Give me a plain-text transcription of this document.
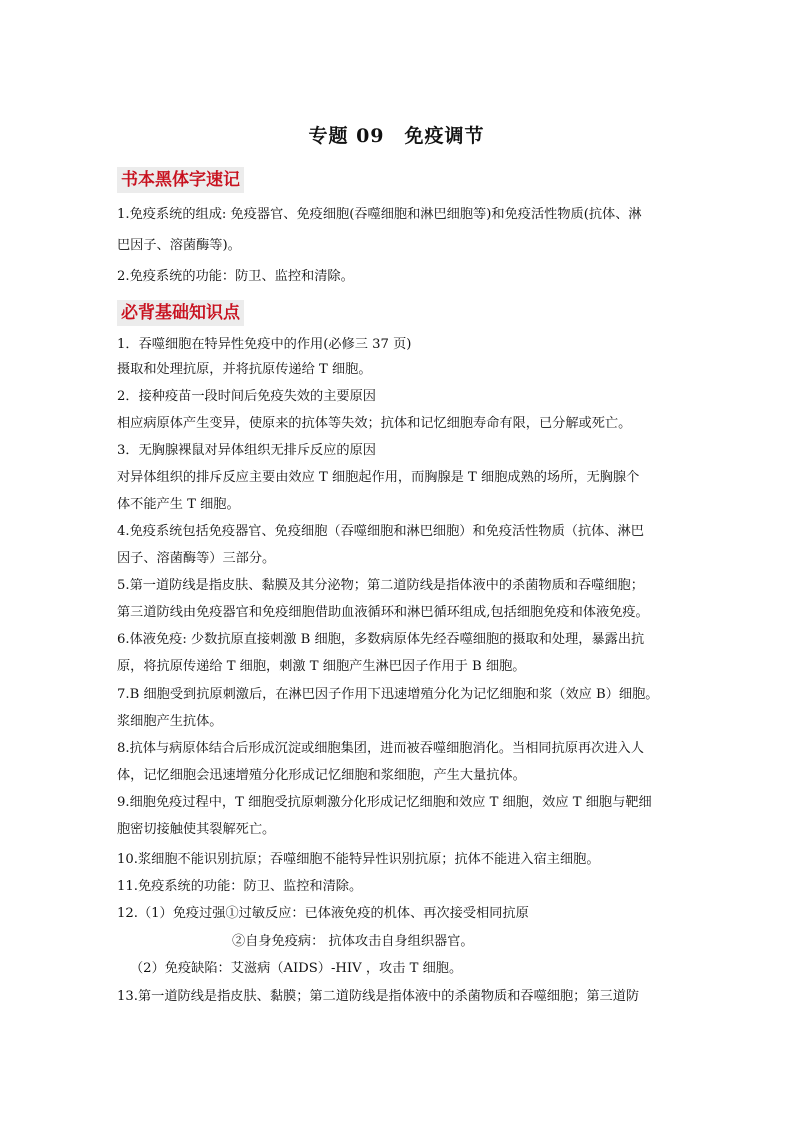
专题 09　免疫调节
书本黑体字速记
1.免疫系统的组成: 免疫器官、免疫细胞(吞噬细胞和淋巴细胞等)和免疫活性物质(抗体、淋
巴因子、溶菌酶等)。
2.免疫系统的功能：防卫、监控和清除。
必背基础知识点
1．吞噬细胞在特异性免疫中的作用(必修三 37 页)
摄取和处理抗原，并将抗原传递给 T 细胞。
2．接种疫苗一段时间后免疫失效的主要原因
相应病原体产生变异，使原来的抗体等失效；抗体和记忆细胞寿命有限，已分解或死亡。
3．无胸腺裸鼠对异体组织无排斥反应的原因
对异体组织的排斥反应主要由效应 T 细胞起作用，而胸腺是 T 细胞成熟的场所，无胸腺个
体不能产生 T 细胞。
4.免疫系统包括免疫器官、免疫细胞（吞噬细胞和淋巴细胞）和免疫活性物质（抗体、淋巴
因子、溶菌酶等）三部分。
5.第一道防线是指皮肤、黏膜及其分泌物；第二道防线是指体液中的杀菌物质和吞噬细胞；
第三道防线由免疫器官和免疫细胞借助血液循环和淋巴循环组成,包括细胞免疫和体液免疫。
6.体液免疫: 少数抗原直接刺激 B 细胞，多数病原体先经吞噬细胞的摄取和处理，暴露出抗
原，将抗原传递给 T 细胞，刺激 T 细胞产生淋巴因子作用于 B 细胞。
7.B 细胞受到抗原刺激后，在淋巴因子作用下迅速增殖分化为记忆细胞和浆（效应 B）细胞。
浆细胞产生抗体。
8.抗体与病原体结合后形成沉淀或细胞集团，进而被吞噬细胞消化。当相同抗原再次进入人
体，记忆细胞会迅速增殖分化形成记忆细胞和浆细胞，产生大量抗体。
9.细胞免疫过程中，T 细胞受抗原刺激分化形成记忆细胞和效应 T 细胞，效应 T 细胞与靶细
胞密切接触使其裂解死亡。
10.浆细胞不能识别抗原；吞噬细胞不能特异性识别抗原；抗体不能进入宿主细胞。
11.免疫系统的功能：防卫、监控和清除。
12.（1）免疫过强①过敏反应：已体液免疫的机体、再次接受相同抗原
②自身免疫病： 抗体攻击自身组织器官。
（2）免疫缺陷：艾滋病（AIDS）-HIV ，攻击 T 细胞。
13.第一道防线是指皮肤、黏膜；第二道防线是指体液中的杀菌物质和吞噬细胞；第三道防
